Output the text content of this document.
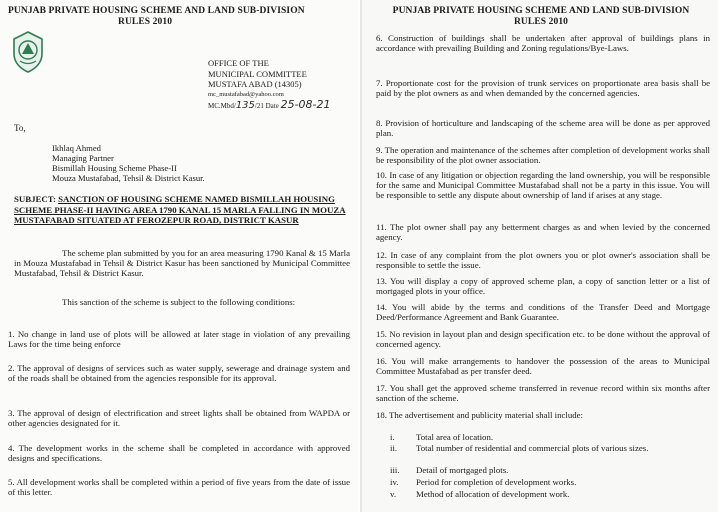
PUNJAB PRIVATE HOUSING SCHEME AND LAND SUB-DIVISION
RULES 2010
OFFICE OF THE
MUNICIPAL COMMITTEE
MUSTAFA ABAD (14305)
mc_mustafabad@yahoo.com
MC.Mbd/135/21 Date 25-08-21
To,
Ikhlaq Ahmed
Managing Partner
Bismillah Housing Scheme Phase-II
Mouza Mustafabad, Tehsil & District Kasur.
SUBJECT: SANCTION OF HOUSING SCHEME NAMED BISMILLAH HOUSING SCHEME PHASE-II HAVING AREA 1790 KANAL 15 MARLA FALLING IN MOUZA MUSTAFABAD SITUATED AT FEROZEPUR ROAD, DISTRICT KASUR
The scheme plan submitted by you for an area measuring 1790 Kanal & 15 Marla in Mouza Mustafabad in Tehsil & District Kasur has been sanctioned by Municipal Committee Mustafabad, Tehsil & District Kasur.
This sanction of the scheme is subject to the following conditions:
1. No change in land use of plots will be allowed at later stage in violation of any prevailing Laws for the time being enforce
2. The approval of designs of services such as water supply, sewerage and drainage system and of the roads shall be obtained from the agencies responsible for its approval.
3. The approval of design of electrification and street lights shall be obtained from WAPDA or other agencies designated for it.
4. The development works in the scheme shall be completed in accordance with approved designs and specifications.
5. All development works shall be completed within a period of five years from the date of issue of this letter.
PUNJAB PRIVATE HOUSING SCHEME AND LAND SUB-DIVISION
RULES 2010
6. Construction of buildings shall be undertaken after approval of buildings plans in accordance with prevailing Building and Zoning regulations/Bye-Laws.
7. Proportionate cost for the provision of trunk services on proportionate area basis shall be paid by the plot owners as and when demanded by the concerned agencies.
8. Provision of horticulture and landscaping of the scheme area will be done as per approved plan.
9. The operation and maintenance of the schemes after completion of development works shall be responsibility of the plot owner association.
10. In case of any litigation or objection regarding the land ownership, you will be responsible for the same and Municipal Committee Mustafabad shall not be a party in this issue. You will be responsible to settle any dispute about ownership of land if arises at any stage.
11. The plot owner shall pay any betterment charges as and when levied by the concerned agency.
12. In case of any complaint from the plot owners you or plot owner's association shall be responsible to settle the issue.
13. You will display a copy of approved scheme plan, a copy of sanction letter or a list of mortgaged plots in your office.
14. You will abide by the terms and conditions of the Transfer Deed and Mortgage Deed/Performance Agreement and Bank Guarantee.
15. No revision in layout plan and design specification etc. to be done without the approval of concerned agency.
16. You will make arrangements to handover the possession of the areas to Municipal Committee Mustafabad as per transfer deed.
17. You shall get the approved scheme transferred in revenue record within six months after sanction of the scheme.
18. The advertisement and publicity material shall include:
i. Total area of location.
ii. Total number of residential and commercial plots of various sizes.
iii. Detail of mortgaged plots.
iv. Period for completion of development works.
v. Method of allocation of development work.
